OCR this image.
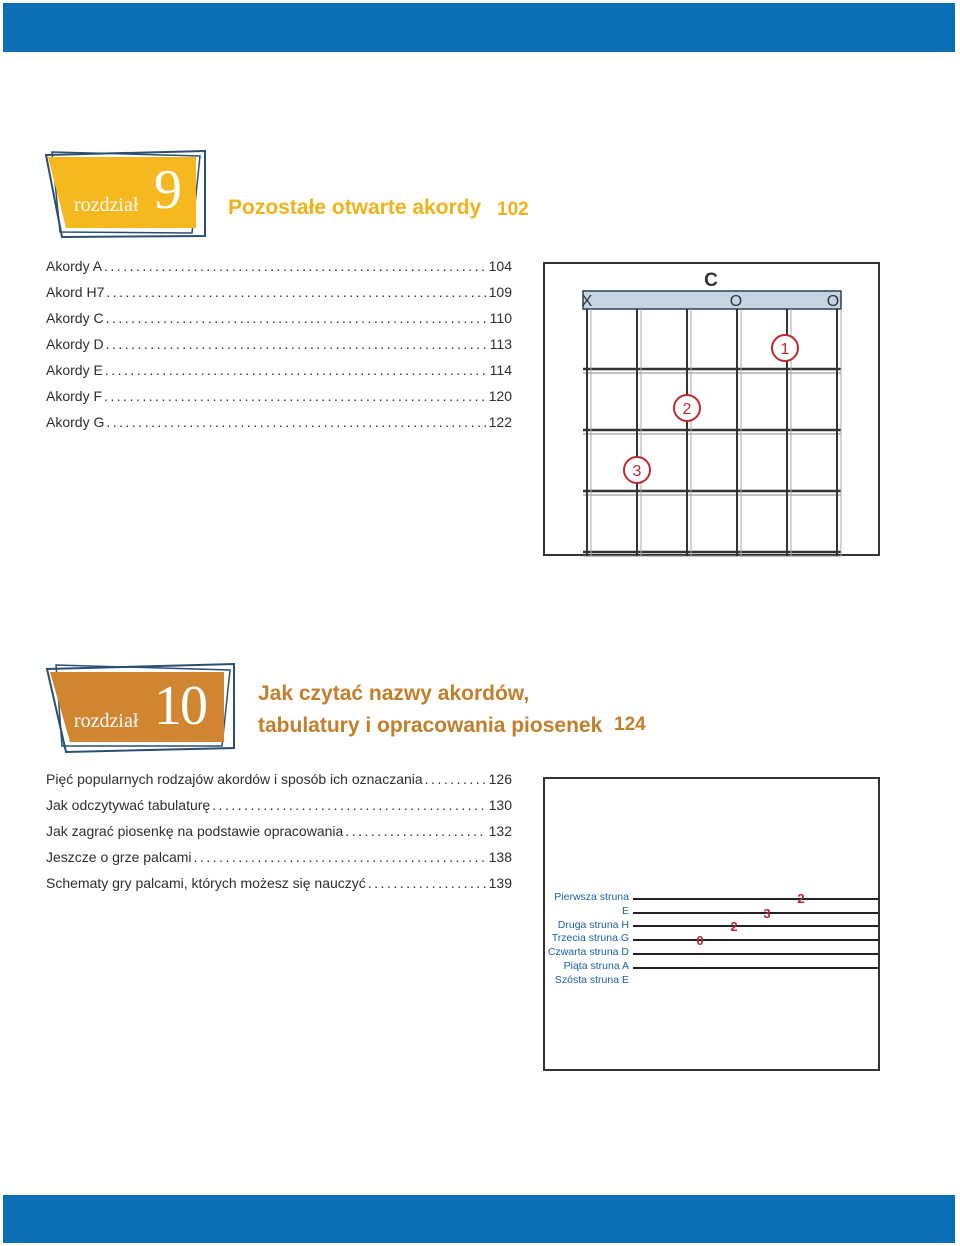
rozdział 9 Pozostałe otwarte akordy 102
Akordy A .....	104
Akord H7 .....	109
Akordy C .....	110
Akordy D .....	113
Akordy E .....	114
Akordy F .....	120
Akordy G .....	122
C
X	O	O
1
2
3
rozdział 10 Jak czytać nazwy akordów,
tabulatury i opracowania piosenek 124
Pięć popularnych rodzajów akordów i sposób ich oznaczania .....	126
Jak odczytywać tabulaturę .....	130
Jak zagrać piosenkę na podstawie opracowania .....	132
Jeszcze o grze palcami .....	138
Schematy gry palcami, których możesz się nauczyć .....	139
Pierwsza struna E
Druga struna H
Trzecia struna G
Czwarta struna D
Piąta struna A
Szósta struna E
0
2
3
2
